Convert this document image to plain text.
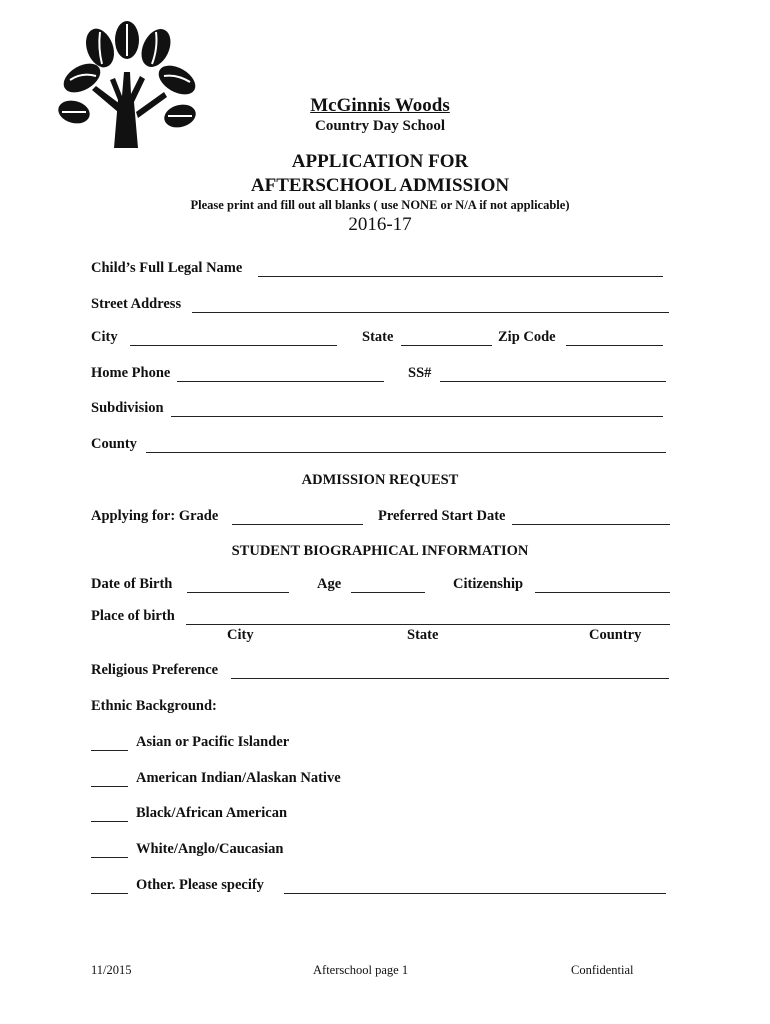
McGinnis Woods
Country Day School
APPLICATION FOR
AFTERSCHOOL ADMISSION
Please print and fill out all blanks ( use NONE or N/A if not applicable)
2016-17
Child’s Full Legal Name
Street Address
City	State	Zip Code
Home Phone	SS#
Subdivision
County
ADMISSION REQUEST
Applying for: Grade	Preferred Start Date
STUDENT BIOGRAPHICAL INFORMATION
Date of Birth	Age	Citizenship
Place of birth
City	State	Country
Religious Preference
Ethnic Background:
Asian or Pacific Islander
American Indian/Alaskan Native
Black/African American
White/Anglo/Caucasian
Other. Please specify
11/2015	Afterschool page 1	Confidential
